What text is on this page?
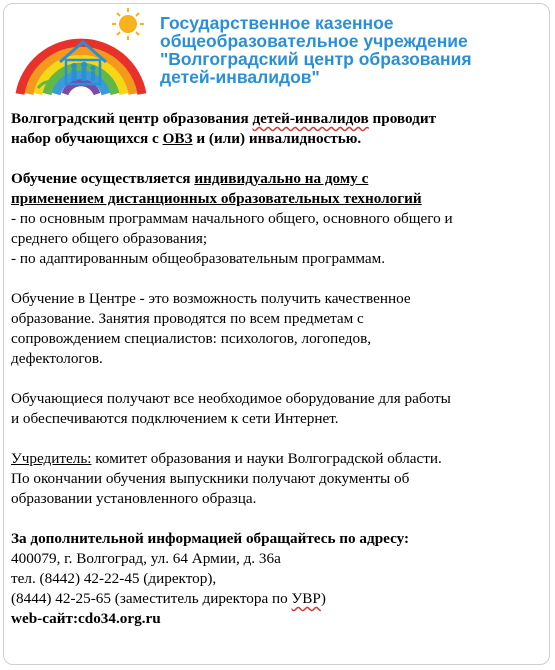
Государственное казенное
общеобразовательное учреждение
"Волгоградский центр образования
детей-инвалидов"

Волгоградский центр образования детей-инвалидов проводит

набор обучающихся с ОВЗ и (или) инвалидностью.

Обучение осуществляется индивидуально на дому с

применением дистанционных образовательных технологий

- по основным программам начального общего, основного общего и

среднего общего образования;

- по адаптированным общеобразовательным программам.

Обучение в Центре - это возможность получить качественное

образование. Занятия проводятся по всем предметам с

сопровождением специалистов: психологов, логопедов,

дефектологов.

Обучающиеся получают все необходимое оборудование для работы

и обеспечиваются подключением к сети Интернет.

Учредитель: комитет образования и науки Волгоградской области.

По окончании обучения выпускники получают документы об

образовании установленного образца.

За дополнительной информацией обращайтесь по адресу:

400079, г. Волгоград, ул. 64 Армии, д. 36а

тел. (8442) 42-22-45 (директор),

(8444) 42-25-65 (заместитель директора по УВР)

web-сайт:cdo34.org.ru
